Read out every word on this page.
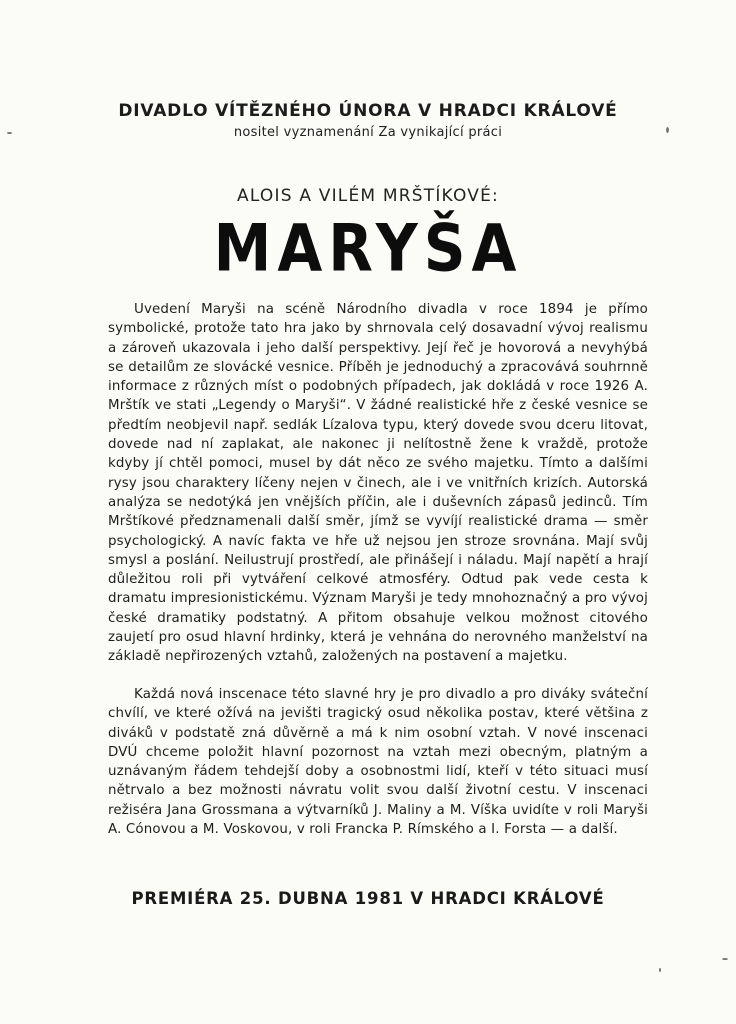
DIVADLO VÍTĚZNÉHO ÚNORA V HRADCI KRÁLOVÉ
nositel vyznamenání Za vynikající práci
ALOIS A VILÉM MRŠTÍKOVÉ:
MARYŠA

Uvedení Maryši na scéně Národního divadla v roce 1894 je přímo symbolické, protože tato hra jako by shrnovala celý dosavadní vývoj realismu a zároveň ukazovala i jeho další perspektivy. Její řeč je hovorová a nevyhýbá se detailům ze slovácké vesnice. Příběh je jednoduchý a zpracovává souhrnně informace z různých míst o podobných případech, jak dokládá v roce 1926 A. Mrštík ve stati „Legendy o Maryši“. V žádné realistické hře z české vesnice se předtím neobjevil např. sedlák Lízalova typu, který dovede svou dceru litovat, dovede nad ní zaplakat, ale nakonec ji nelítostně žene k vraždě, protože kdyby jí chtěl pomoci, musel by dát něco ze svého majetku. Tímto a dalšími rysy jsou charaktery líčeny nejen v činech, ale i ve vnitřních krizích. Autorská analýza se nedotýká jen vnějších příčin, ale i duševních zápasů jedinců. Tím Mrštíkové předznamenali další směr, jímž se vyvíjí realistické drama — směr psychologický. A navíc fakta ve hře už nejsou jen stroze srovnána. Mají svůj smysl a poslání. Neilustrují prostředí, ale přinášejí i náladu. Mají napětí a hrají důležitou roli při vytváření celkové atmosféry. Odtud pak vede cesta k dramatu impresionistickému. Význam Maryši je tedy mnohoznačný a pro vývoj české dramatiky podstatný. A přitom obsahuje velkou možnost citového zaujetí pro osud hlavní hrdinky, která je vehnána do nerovného manželství na základě nepřirozených vztahů, založených na postavení a majetku.

Každá nová inscenace této slavné hry je pro divadlo a pro diváky sváteční chvílí, ve které ožívá na jevišti tragický osud několika postav, které většina z diváků v podstatě zná důvěrně a má k nim osobní vztah. V nové inscenaci DVÚ chceme položit hlavní pozornost na vztah mezi obecným, platným a uznávaným řádem tehdejší doby a osobnostmi lidí, kteří v této situaci musí nětrvalo a bez možnosti návratu volit svou další životní cestu. V inscenaci režiséra Jana Grossmana a výtvarníků J. Maliny a M. Víška uvidíte v roli Maryši A. Cónovou a M. Voskovou, v roli Francka P. Rímského a I. Forsta — a další.

PREMIÉRA 25. DUBNA 1981 V HRADCI KRÁLOVÉ
